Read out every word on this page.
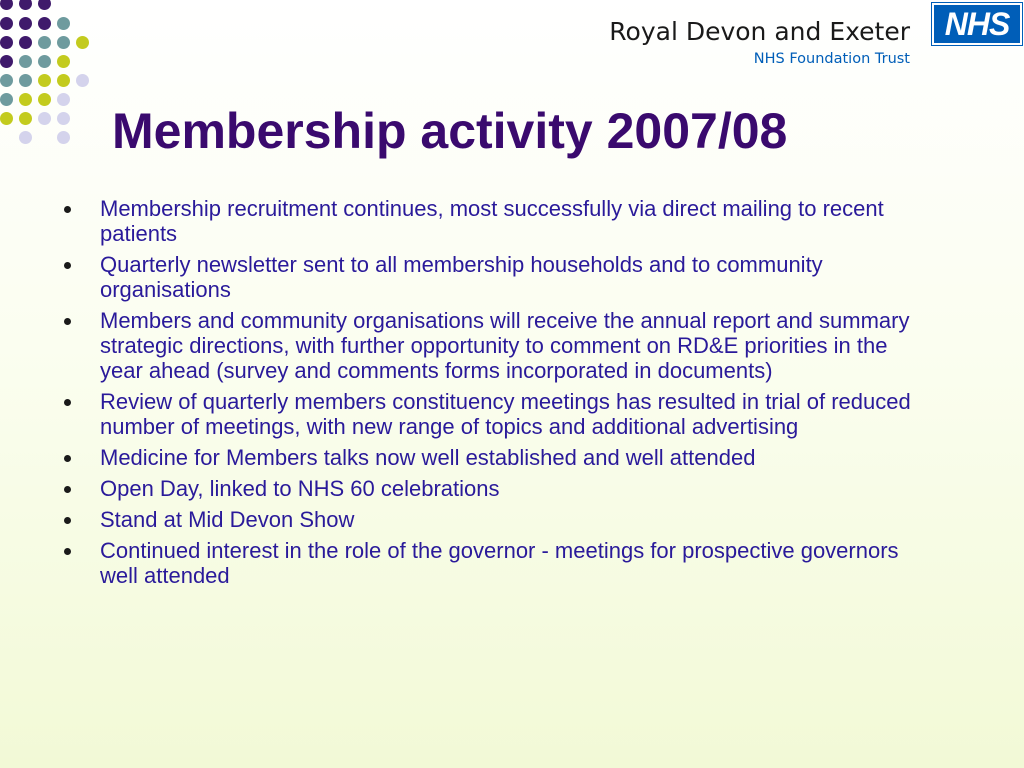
Royal Devon and Exeter
NHS Foundation Trust
NHS
Membership activity 2007/08
Membership recruitment continues, most successfully via direct mailing to recent patients
Quarterly newsletter sent to all membership households and to community organisations
Members and community organisations will receive the annual report and summary strategic directions, with further opportunity to comment on RD&E priorities in the year ahead (survey and comments forms incorporated in documents)
Review of quarterly members constituency meetings has resulted in trial of reduced number of meetings, with new range of topics and additional advertising
Medicine for Members talks now well established and well attended
Open Day, linked to NHS 60 celebrations
Stand at Mid Devon Show
Continued interest in the role of the governor - meetings for prospective governors well attended
